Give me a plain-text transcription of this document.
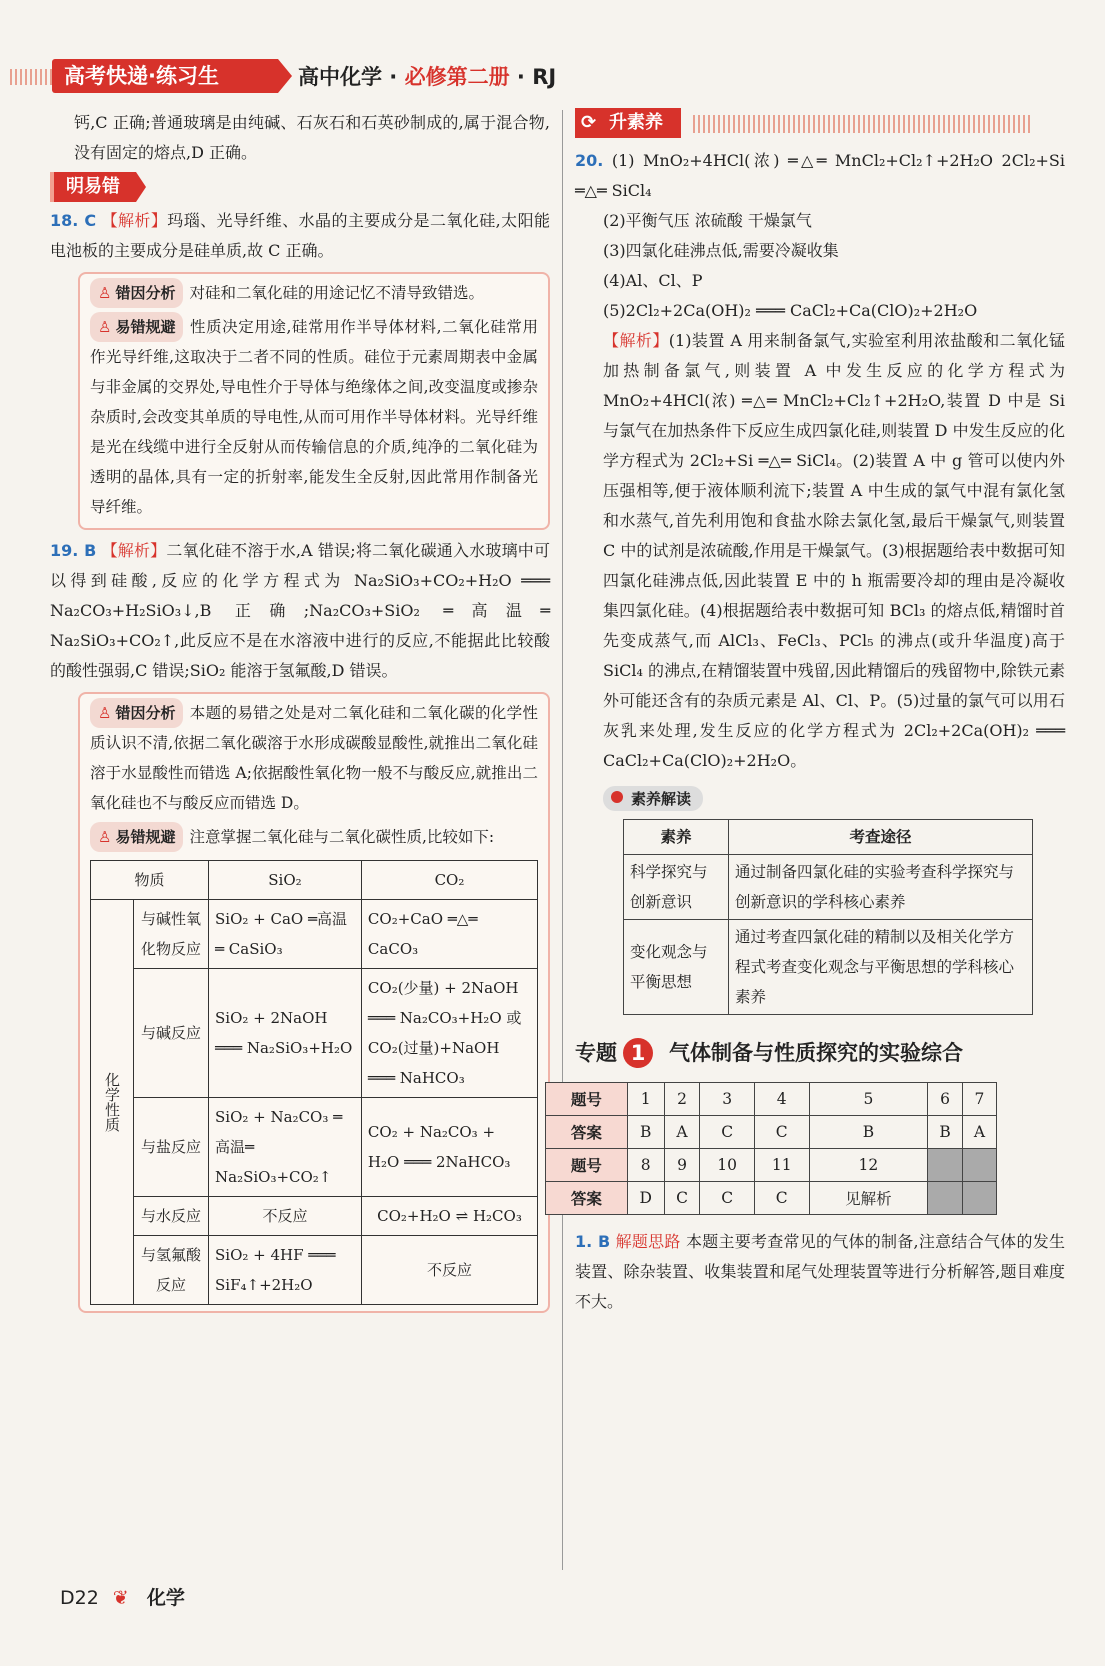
高考快递·练习生	高中化学 · 必修第二册 · RJ

钙,C 正确;普通玻璃是由纯碱、石灰石和石英砂制成的,属于混合物,没有固定的熔点,D 正确。

明易错

18. C 【解析】玛瑙、光导纤维、水晶的主要成分是二氧化硅,太阳能电池板的主要成分是硅单质,故 C 正确。

♙ 错因分析 对硅和二氧化硅的用途记忆不清导致错选。

♙ 易错规避 性质决定用途,硅常用作半导体材料,二氧化硅常用作光导纤维,这取决于二者不同的性质。硅位于元素周期表中金属与非金属的交界处,导电性介于导体与绝缘体之间,改变温度或掺杂杂质时,会改变其单质的导电性,从而可用作半导体材料。光导纤维是光在线缆中进行全反射从而传输信息的介质,纯净的二氧化硅为透明的晶体,具有一定的折射率,能发生全反射,因此常用作制备光导纤维。

19. B 【解析】二氧化硅不溶于水,A 错误;将二氧化碳通入水玻璃中可以得到硅酸,反应的化学方程式为 Na₂SiO₃+CO₂+H₂O ═══ Na₂CO₃+H₂SiO₃↓,B 正确;Na₂CO₃+SiO₂ ═高温═ Na₂SiO₃+CO₂↑,此反应不是在水溶液中进行的反应,不能据此比较酸的酸性强弱,C 错误;SiO₂ 能溶于氢氟酸,D 错误。

♙ 错因分析 本题的易错之处是对二氧化硅和二氧化碳的化学性质认识不清,依据二氧化碳溶于水形成碳酸显酸性,就推出二氧化硅溶于水显酸性而错选 A;依据酸性氧化物一般不与酸反应,就推出二氧化硅也不与酸反应而错选 D。

♙ 易错规避 注意掌握二氧化硅与二氧化碳性质,比较如下:

物质		SiO₂	CO₂
化学性质	与碱性氧化物反应	SiO₂ + CaO ═高温═ CaSiO₃	CO₂+CaO ═△═ CaCO₃
	与碱反应	SiO₂ + 2NaOH ═══ Na₂SiO₃+H₂O	CO₂(少量) + 2NaOH ═══ Na₂CO₃+H₂O 或 CO₂(过量)+NaOH ═══ NaHCO₃
	与盐反应	SiO₂ + Na₂CO₃ ═高温═ Na₂SiO₃+CO₂↑	CO₂ + Na₂CO₃ + H₂O ═══ 2NaHCO₃
	与水反应	不反应	CO₂+H₂O ⇌ H₂CO₃
	与氢氟酸反应	SiO₂ + 4HF ═══ SiF₄↑+2H₂O	不反应
⟳ 升素养

20. (1) MnO₂+4HCl(浓) ═△═ MnCl₂+Cl₂↑+2H₂O 2Cl₂+Si ═△═ SiCl₄

(2)平衡气压 浓硫酸 干燥氯气

(3)四氯化硅沸点低,需要冷凝收集

(4)Al、Cl、P

(5)2Cl₂+2Ca(OH)₂ ═══ CaCl₂+Ca(ClO)₂+2H₂O

【解析】(1)装置 A 用来制备氯气,实验室利用浓盐酸和二氧化锰加热制备氯气,则装置 A 中发生反应的化学方程式为 MnO₂+4HCl(浓) ═△═ MnCl₂+Cl₂↑+2H₂O,装置 D 中是 Si 与氯气在加热条件下反应生成四氯化硅,则装置 D 中发生反应的化学方程式为 2Cl₂+Si ═△═ SiCl₄。(2)装置 A 中 g 管可以使内外压强相等,便于液体顺利流下;装置 A 中生成的氯气中混有氯化氢和水蒸气,首先利用饱和食盐水除去氯化氢,最后干燥氯气,则装置 C 中的试剂是浓硫酸,作用是干燥氯气。(3)根据题给表中数据可知四氯化硅沸点低,因此装置 E 中的 h 瓶需要冷却的理由是冷凝收集四氯化硅。(4)根据题给表中数据可知 BCl₃ 的熔点低,精馏时首先变成蒸气,而 AlCl₃、FeCl₃、PCl₅ 的沸点(或升华温度)高于 SiCl₄ 的沸点,在精馏装置中残留,因此精馏后的残留物中,除铁元素外可能还含有的杂质元素是 Al、Cl、P。(5)过量的氯气可以用石灰乳来处理,发生反应的化学方程式为 2Cl₂+2Ca(OH)₂ ═══ CaCl₂+Ca(ClO)₂+2H₂O。

素养解读
素养	考查途径
科学探究与创新意识	通过制备四氯化硅的实验考查科学探究与创新意识的学科核心素养
变化观念与平衡思想	通过考查四氯化硅的精制以及相关化学方程式考查变化观念与平衡思想的学科核心素养
专题 1 气体制备与性质探究的实验综合
题号	1	2	3	4	5	6	7
答案	B	A	C	C	B	B	A
题号	8	9	10	11	12		
答案	D	C	C	C	见解析		

1. B 解题思路 本题主要考查常见的气体的制备,注意结合气体的发生装置、除杂装置、收集装置和尾气处理装置等进行分析解答,题目难度不大。

D22 ❦ 化学
